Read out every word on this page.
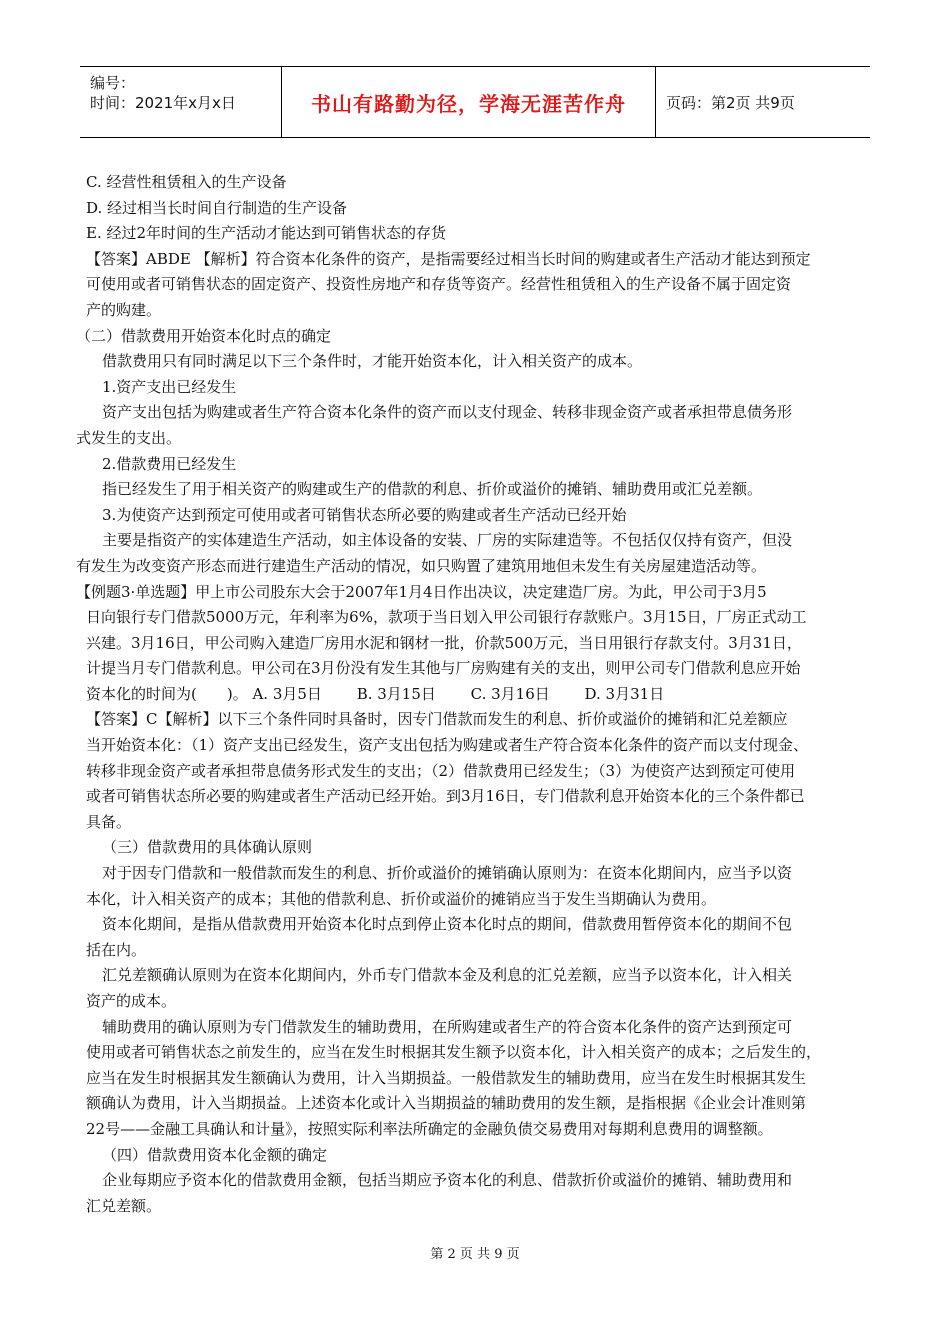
编号：
时间：2021年x月x日	书山有路勤为径，学海无涯苦作舟	页码：第2页 共9页
C. 经营性租赁租入的生产设备
D. 经过相当长时间自行制造的生产设备
E. 经过2年时间的生产活动才能达到可销售状态的存货
【答案】ABDE 【解析】符合资本化条件的资产，是指需要经过相当长时间的购建或者生产活动才能达到预定
可使用或者可销售状态的固定资产、投资性房地产和存货等资产。经营性租赁租入的生产设备不属于固定资
产的购建。
（二）借款费用开始资本化时点的确定
借款费用只有同时满足以下三个条件时，才能开始资本化，计入相关资产的成本。
1.资产支出已经发生
资产支出包括为购建或者生产符合资本化条件的资产而以支付现金、转移非现金资产或者承担带息债务形
式发生的支出。
2.借款费用已经发生
指已经发生了用于相关资产的购建或生产的借款的利息、折价或溢价的摊销、辅助费用或汇兑差额。
3.为使资产达到预定可使用或者可销售状态所必要的购建或者生产活动已经开始
主要是指资产的实体建造生产活动，如主体设备的安装、厂房的实际建造等。不包括仅仅持有资产，但没
有发生为改变资产形态而进行建造生产活动的情况，如只购置了建筑用地但未发生有关房屋建造活动等。
【例题3·单选题】甲上市公司股东大会于2007年1月4日作出决议，决定建造厂房。为此，甲公司于3月5
日向银行专门借款5000万元，年利率为6%，款项于当日划入甲公司银行存款账户。3月15日，厂房正式动工
兴建。3月16日，甲公司购入建造厂房用水泥和钢材一批，价款500万元，当日用银行存款支付。3月31日，
计提当月专门借款利息。甲公司在3月份没有发生其他与厂房购建有关的支出，则甲公司专门借款利息应开始
资本化的时间为(　　)。 A. 3月5日　　 B. 3月15日　　 C. 3月16日　　 D. 3月31日
【答案】C【解析】以下三个条件同时具备时，因专门借款而发生的利息、折价或溢价的摊销和汇兑差额应
当开始资本化：（1）资产支出已经发生，资产支出包括为购建或者生产符合资本化条件的资产而以支付现金、
转移非现金资产或者承担带息债务形式发生的支出；（2）借款费用已经发生；（3）为使资产达到预定可使用
或者可销售状态所必要的购建或者生产活动已经开始。到3月16日，专门借款利息开始资本化的三个条件都已
具备。
（三）借款费用的具体确认原则
对于因专门借款和一般借款而发生的利息、折价或溢价的摊销确认原则为：在资本化期间内，应当予以资
本化，计入相关资产的成本；其他的借款利息、折价或溢价的摊销应当于发生当期确认为费用。
资本化期间，是指从借款费用开始资本化时点到停止资本化时点的期间，借款费用暂停资本化的期间不包
括在内。
汇兑差额确认原则为在资本化期间内，外币专门借款本金及利息的汇兑差额，应当予以资本化，计入相关
资产的成本。
辅助费用的确认原则为专门借款发生的辅助费用，在所购建或者生产的符合资本化条件的资产达到预定可
使用或者可销售状态之前发生的，应当在发生时根据其发生额予以资本化，计入相关资产的成本；之后发生的，
应当在发生时根据其发生额确认为费用，计入当期损益。一般借款发生的辅助费用，应当在发生时根据其发生
额确认为费用，计入当期损益。上述资本化或计入当期损益的辅助费用的发生额，是指根据《企业会计准则第
22号——金融工具确认和计量》，按照实际利率法所确定的金融负债交易费用对每期利息费用的调整额。
（四）借款费用资本化金额的确定
企业每期应予资本化的借款费用金额，包括当期应予资本化的利息、借款折价或溢价的摊销、辅助费用和
汇兑差额。
第 2 页 共 9 页
